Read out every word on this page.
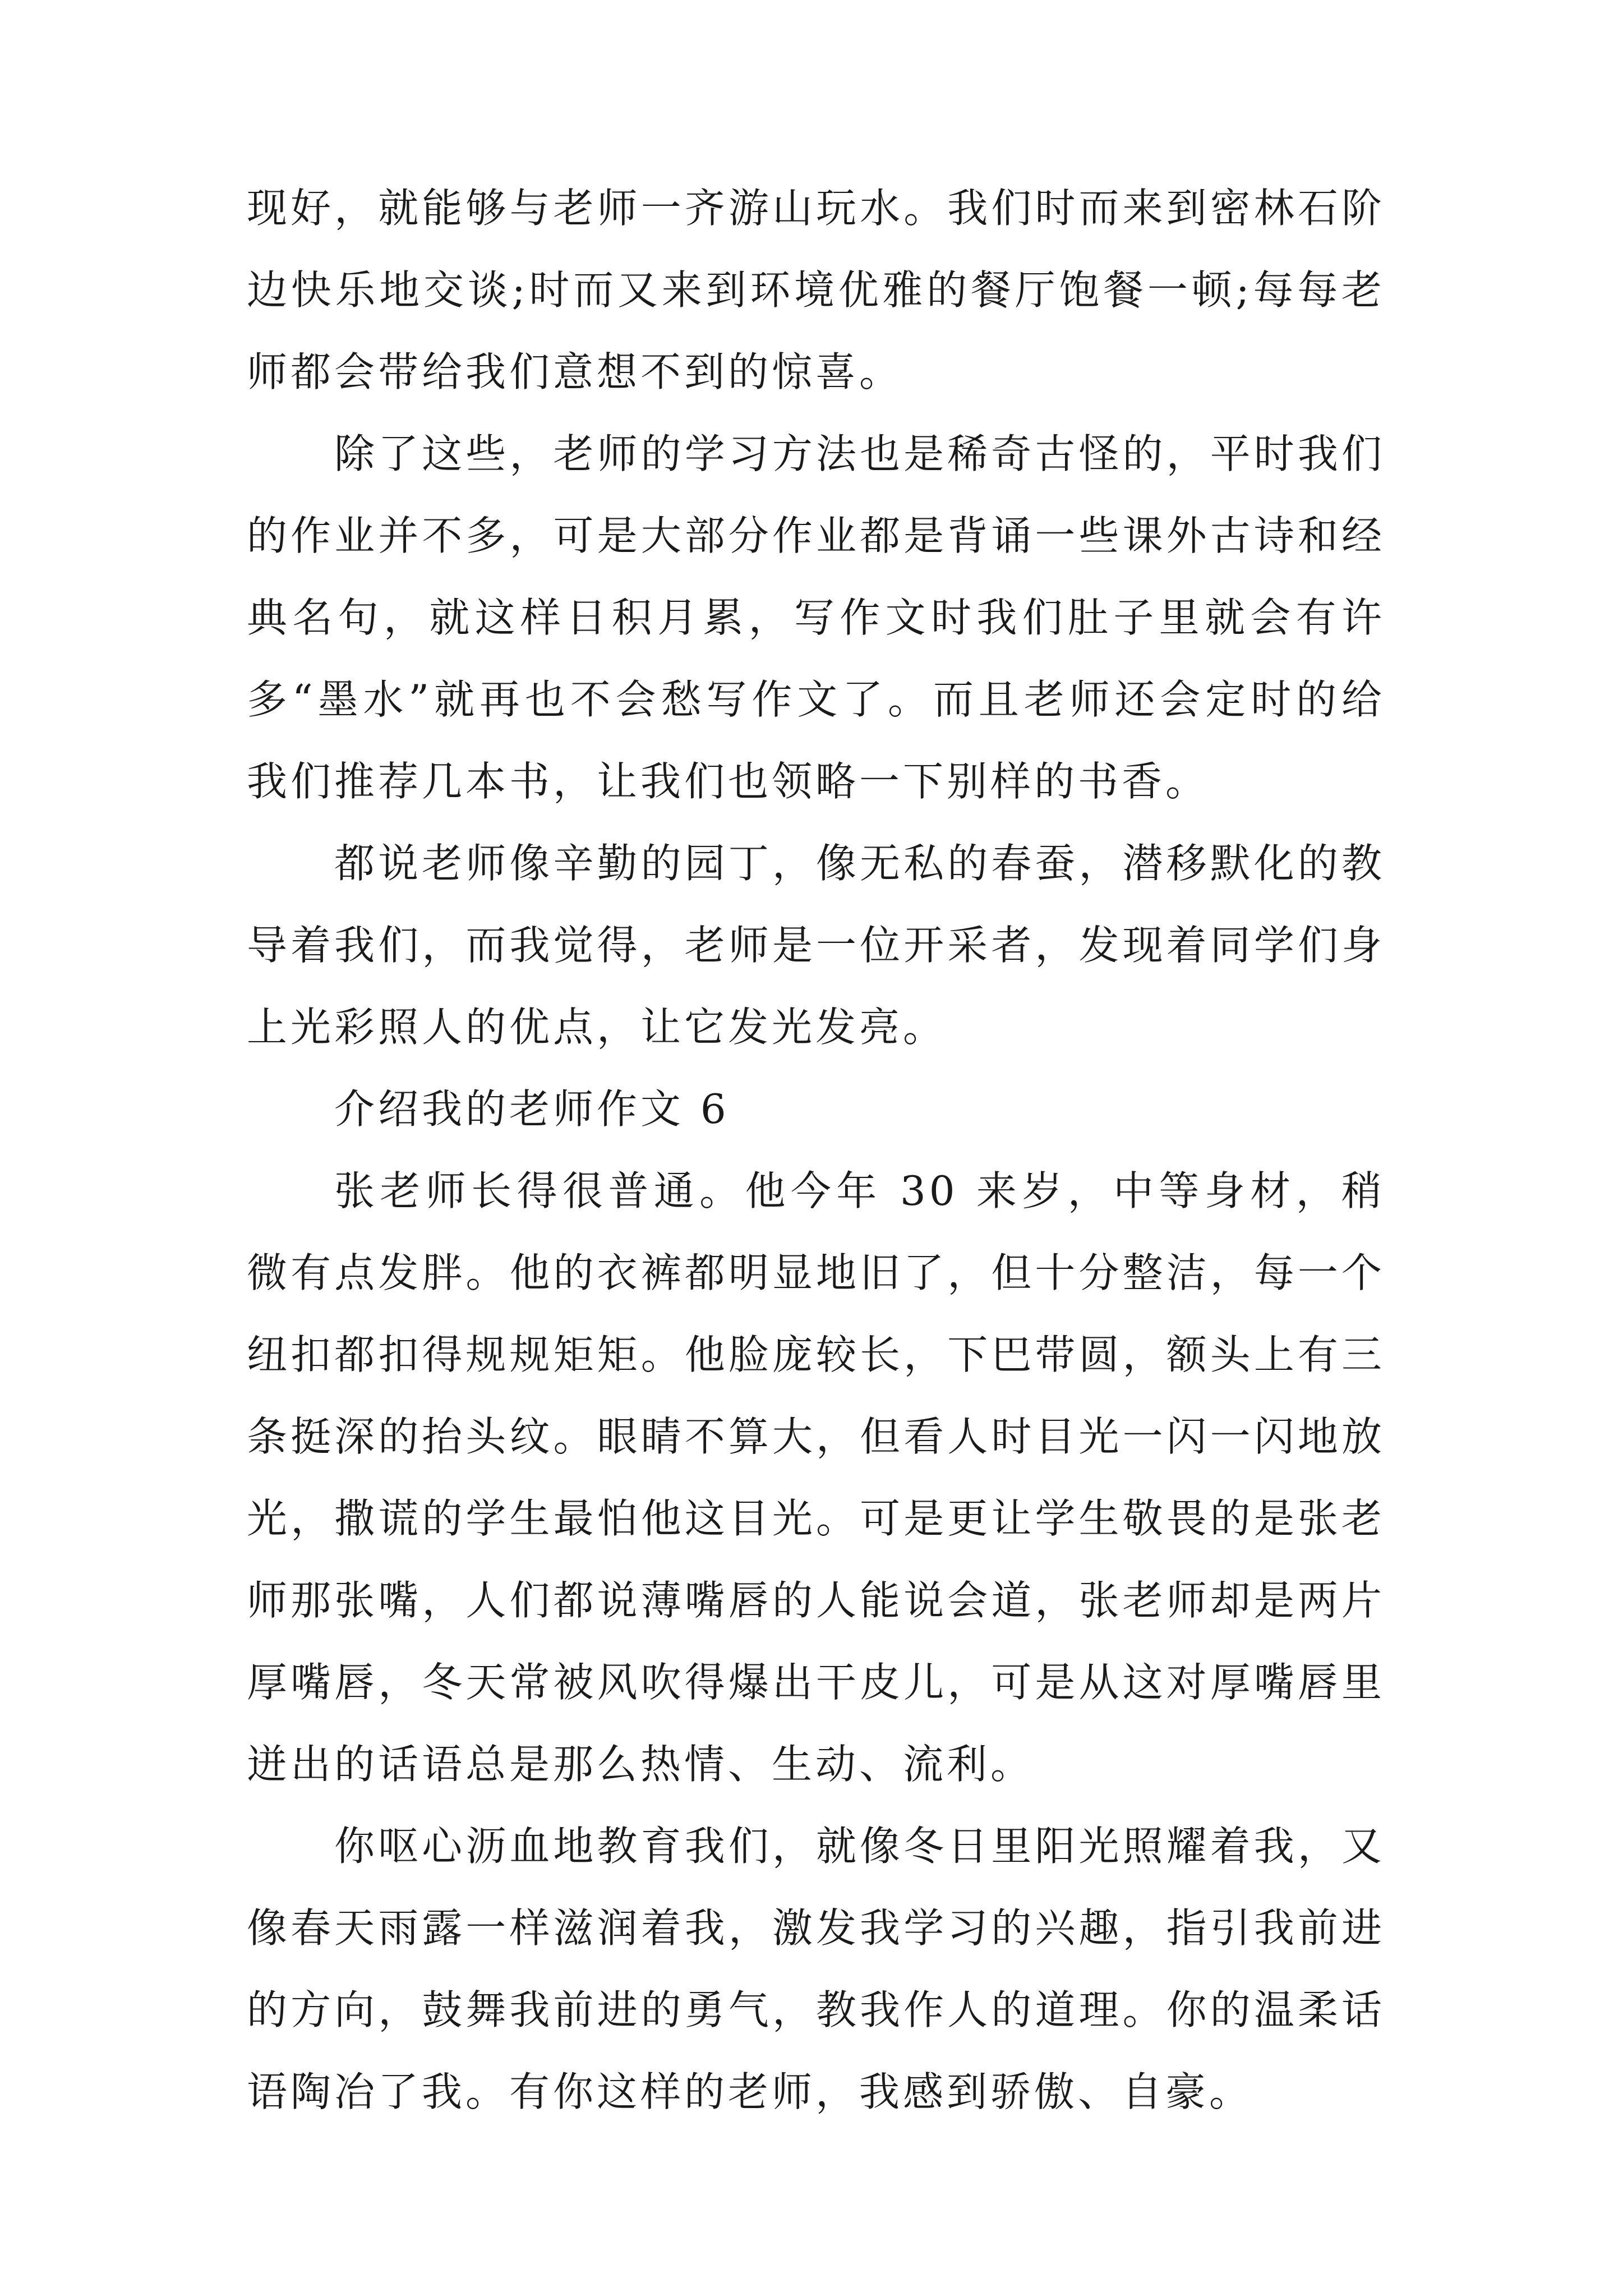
现好，就能够与老师一齐游山玩水。我们时而来到密林石阶边快乐地交谈;时而又来到环境优雅的餐厅饱餐一顿;每每老师都会带给我们意想不到的惊喜。

除了这些，老师的学习方法也是稀奇古怪的，平时我们的作业并不多，可是大部分作业都是背诵一些课外古诗和经典名句，就这样日积月累，写作文时我们肚子里就会有许多“墨水”就再也不会愁写作文了。而且老师还会定时的给我们推荐几本书，让我们也领略一下别样的书香。

都说老师像辛勤的园丁，像无私的春蚕，潜移默化的教导着我们，而我觉得，老师是一位开采者，发现着同学们身上光彩照人的优点，让它发光发亮。

介绍我的老师作文 6

张老师长得很普通。他今年 30 来岁，中等身材，稍微有点发胖。他的衣裤都明显地旧了，但十分整洁，每一个纽扣都扣得规规矩矩。他脸庞较长，下巴带圆，额头上有三条挺深的抬头纹。眼睛不算大，但看人时目光一闪一闪地放光，撒谎的学生最怕他这目光。可是更让学生敬畏的是张老师那张嘴，人们都说薄嘴唇的人能说会道，张老师却是两片厚嘴唇，冬天常被风吹得爆出干皮儿，可是从这对厚嘴唇里迸出的话语总是那么热情、生动、流利。

你呕心沥血地教育我们，就像冬日里阳光照耀着我，又像春天雨露一样滋润着我，激发我学习的兴趣，指引我前进的方向，鼓舞我前进的勇气，教我作人的道理。你的温柔话语陶冶了我。有你这样的老师，我感到骄傲、自豪。
